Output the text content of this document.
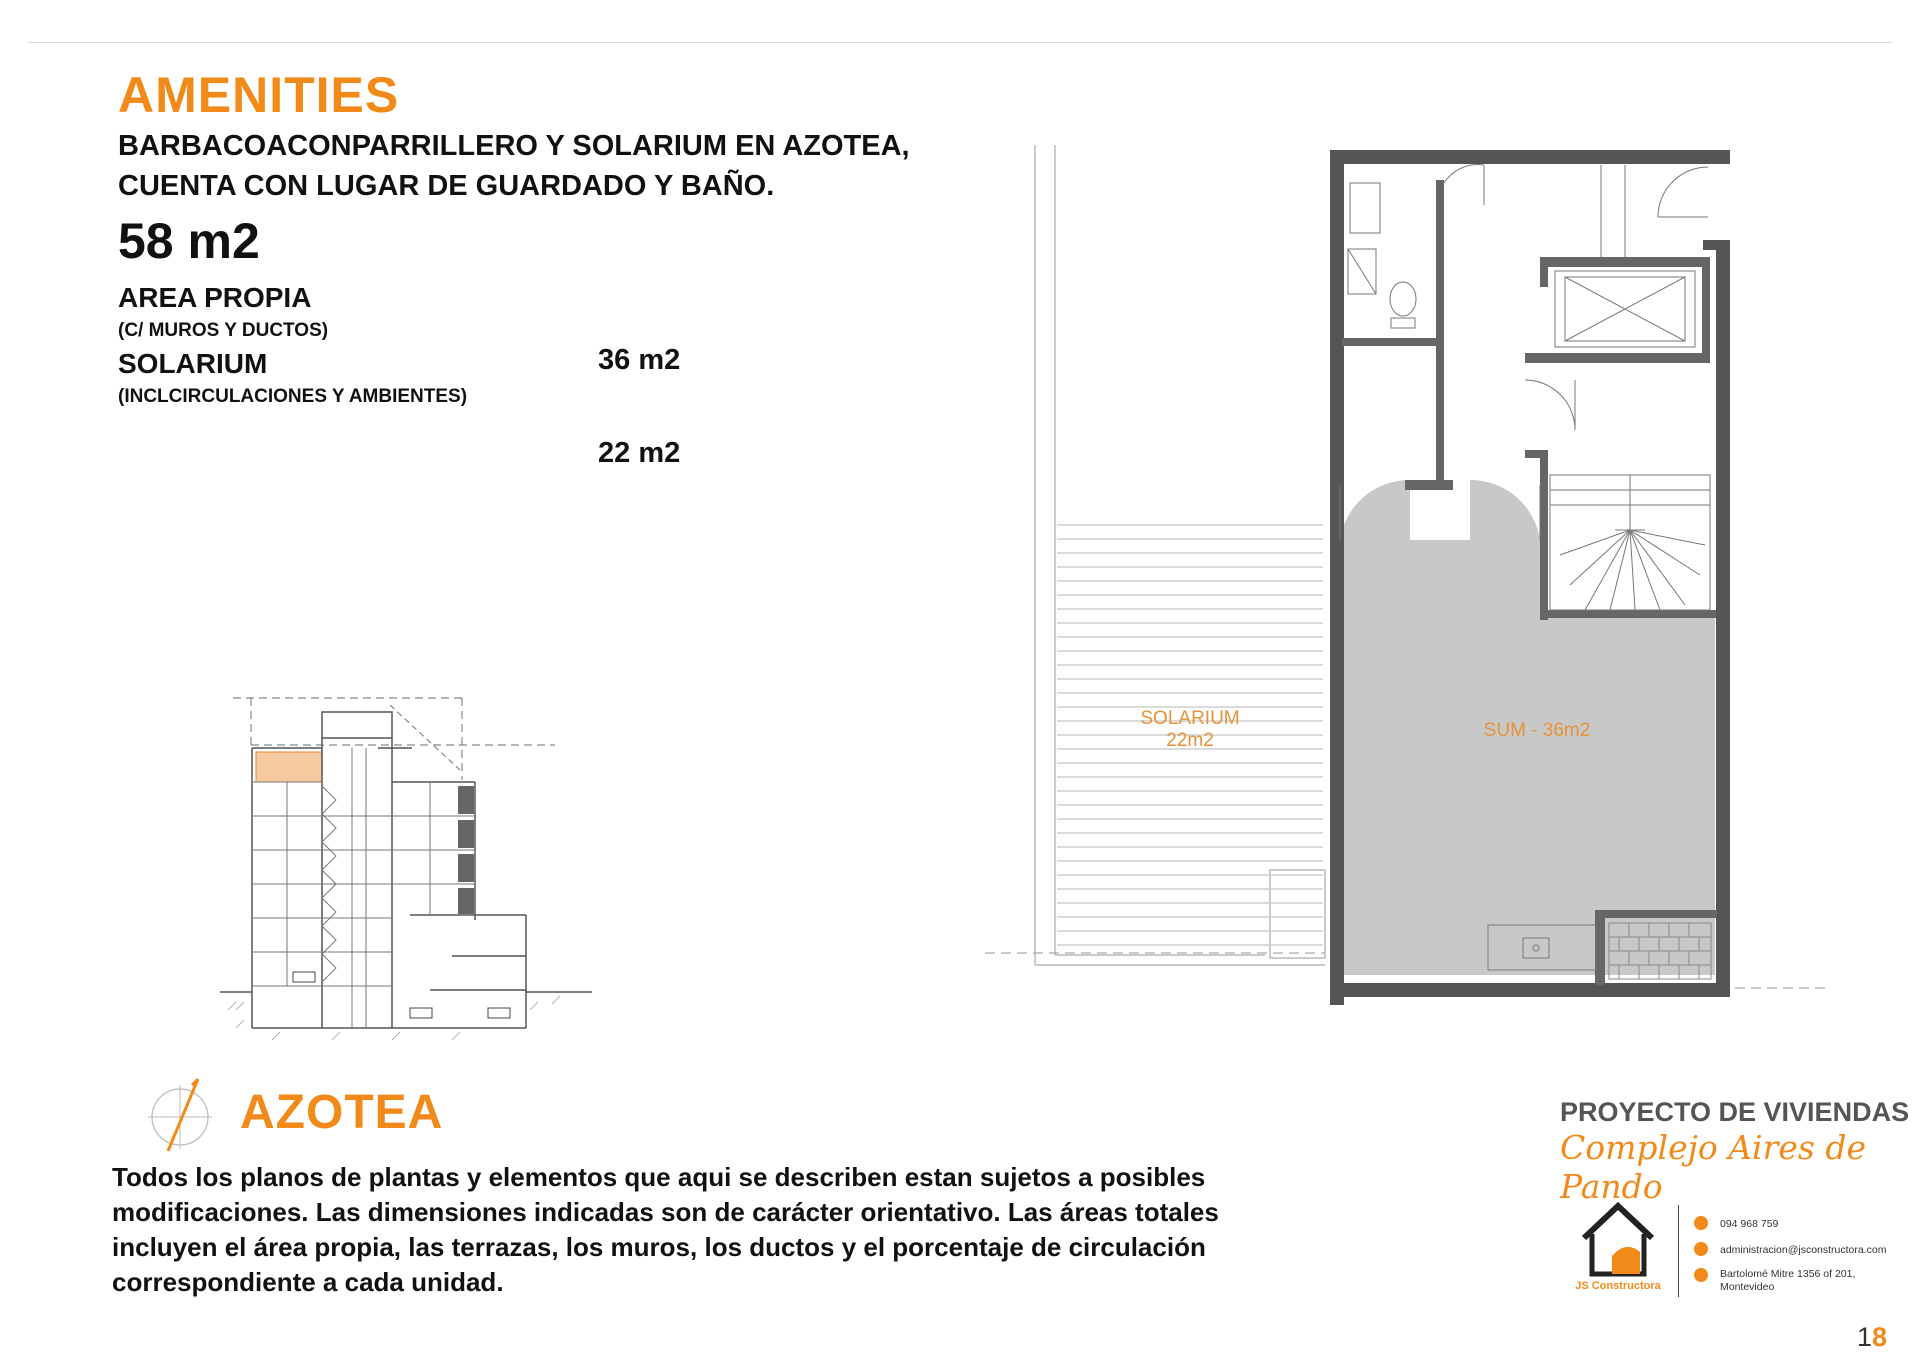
AMENITIES

BARBACOACONPARRILLERO Y SOLARIUM EN AZOTEA,
CUENTA CON LUGAR DE GUARDADO Y BAÑO.

58 m2
AREA PROPIA
(C/ MUROS Y DUCTOS)
SOLARIUM
(INCLCIRCULACIONES Y AMBIENTES)
36 m2
22 m2
SOLARIUM
22m2	SUM - 36m2
AZOTEA

Todos los planos de plantas y elementos que aqui se describen estan sujetos a posibles modificaciones. Las dimensiones indicadas son de carácter orientativo. Las áreas totales incluyen el área propia, las terrazas, los muros, los ductos y el porcentaje de circulación correspondiente a cada unidad.

PROYECTO DE VIVIENDAS
Complejo Aires de Pando
JS Constructora
094 968 759
administracion@jsconstructora.com
Bartolomé Mitre 1356 of 201,
Montevideo
18
